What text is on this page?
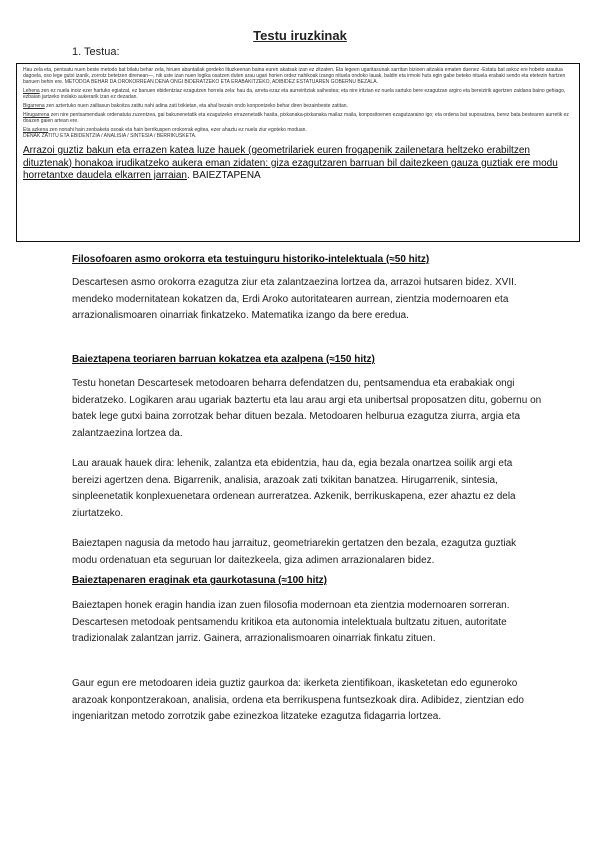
Testu iruzkinak

1. Testua:

Hau zela eta, pentsatu nuen beste metodo bat bilatu behar zela, hiruen abantailak gordeko lituzkeenan baina euren akatsak izan ez zitzaten. Eta legeen ugaritasunak sarritan bizioen aitzakia ematen duenez -Estatu bat askoz ere hobeto arautua dagoela, oso lege gutxi izanik, zorrotz betetzen direnean—, nik uste izan nuen logika osatzen duten arau ugari horien ordez nahikoak izango nituela ondoko lauak, baldin eta irmoki huts egin gabe beteko nituela erabaki sendo eta etetezin hartzen banuen behin ere. METODOA BEHAR DA OROKORREAN DENA ONGI BIDERATZEKO ETA ERABAKITZEKO, ADIBIDEZ ESTATUAREN GOBERNU BEZALA.

Lehena zen ez nuela inoiz ezer hartuko egiatzat, ez banuen ebidentziaz ezagutzen horrela zela: hau da, arreta ezaz eta aurreiritziak saihestea; eta nire iritzian ez nuela sartuko bere ezagutzan argiro eta bereizirik agertzen zaidana baino gehiago, ezbaian jartzeko inolako aukerarik izan ez dezadan.

Bigarrena zen aztertuko nuen zailtasun bakoitza zatitu nahi adina zati txikietan, eta ahal bezain ondo konpontzeko behar diren bezainbeste zatitan.

Hirugarrena zen nire pentsamenduak ordenatuta zuzentzea, gai bakunenetatik eta ezagutzeko errazenetatik hasita, pixkanaka-pixkanaka mailaz maila, konpositoenen ezagutzaraino igo; eta ordena bat suposatzea, berez bata bestearen aurretik ez doazen gaien artean ere.

Eta azkena zen nonahi hain zenbaketa osoak eta hain berrikuspen orokorrak egitea, ezer ahaztu ez nuela ziur egoteko moduan.
DENAK ZATITU ETA EBIDENTZIA / ANALISIA / SINTESIA / BERRIKUSKETA.

Arrazoi guztiz bakun eta errazen katea luze hauek (geometrilariek euren frogapenik zailenetara heltzeko erabiltzen dituztenak) honakoa irudikatzeko aukera eman zidaten: giza ezagutzaren barruan bil daitezkeen gauza guztiak ere modu horretantxe daudela elkarren jarraian. BAIEZTAPENA

Filosofoaren asmo orokorra eta testuinguru historiko-intelektuala (≈50 hitz)

Descartesen asmo orokorra ezagutza ziur eta zalantzaezina lortzea da, arrazoi hutsaren bidez. XVII. mendeko modernitatean kokatzen da, Erdi Aroko autoritatearen aurrean, zientzia modernoaren eta arrazionalismoaren oinarriak finkatzeko. Matematika izango da bere eredua.

Baieztapena teoriaren barruan kokatzea eta azalpena (≈150 hitz)

Testu honetan Descartesek metodoaren beharra defendatzen du, pentsamendua eta erabakiak ongi bideratzeko. Logikaren arau ugariak baztertu eta lau arau argi eta unibertsal proposatzen ditu, gobernu on batek lege gutxi baina zorrotzak behar dituen bezala. Metodoaren helburua ezagutza ziurra, argia eta zalantzaezina lortzea da.

Lau arauak hauek dira: lehenik, zalantza eta ebidentzia, hau da, egia bezala onartzea soilik argi eta bereizi agertzen dena. Bigarrenik, analisia, arazoak zati txikitan banatzea. Hirugarrenik, sintesia, sinpleenetatik konplexuenetara ordenean aurreratzea. Azkenik, berrikuskapena, ezer ahaztu ez dela ziurtatzeko.

Baieztapen nagusia da metodo hau jarraituz, geometriarekin gertatzen den bezala, ezagutza guztiak modu ordenatuan eta seguruan lor daitezkeela, giza adimen arrazionalaren bidez.

Baieztapenaren eraginak eta gaurkotasuna (≈100 hitz)

Baieztapen honek eragin handia izan zuen filosofia modernoan eta zientzia modernoaren sorreran. Descartesen metodoak pentsamendu kritikoa eta autonomia intelektuala bultzatu zituen, autoritate tradizionalak zalantzan jarriz. Gainera, arrazionalismoaren oinarriak finkatu zituen.

Gaur egun ere metodoaren ideia guztiz gaurkoa da: ikerketa zientifikoan, ikasketetan edo eguneroko arazoak konpontzerakoan, analisia, ordena eta berrikuspena funtsezkoak dira. Adibidez, zientzian edo ingeniaritzan metodo zorrotzik gabe ezinezkoa litzateke ezagutza fidagarria lortzea.
